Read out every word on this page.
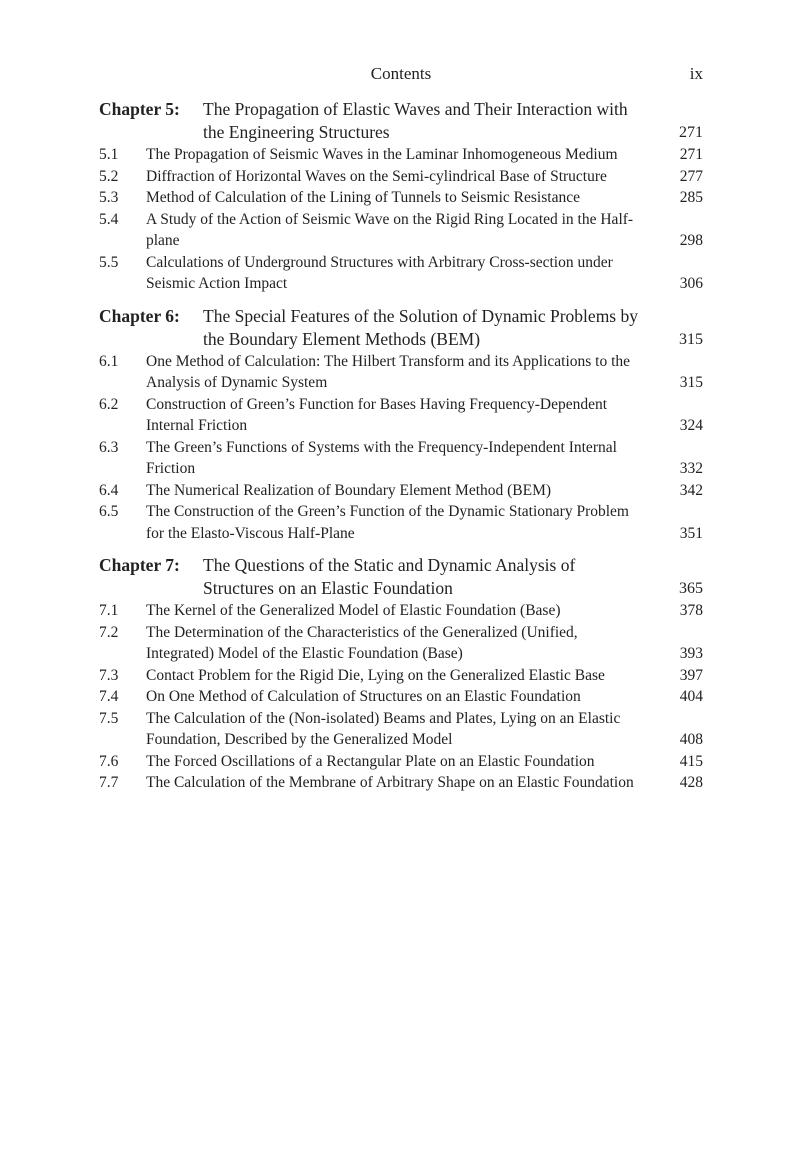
Contents	ix
Chapter 5: The Propagation of Elastic Waves and Their Interaction with the Engineering Structures	271
5.1 The Propagation of Seismic Waves in the Laminar Inhomogeneous Medium	271
5.2 Diffraction of Horizontal Waves on the Semi-cylindrical Base of Structure	277
5.3 Method of Calculation of the Lining of Tunnels to Seismic Resistance	285
5.4 A Study of the Action of Seismic Wave on the Rigid Ring Located in the Half-plane	298
5.5 Calculations of Underground Structures with Arbitrary Cross-section under Seismic Action Impact	306
Chapter 6: The Special Features of the Solution of Dynamic Problems by the Boundary Element Methods (BEM)	315
6.1 One Method of Calculation: The Hilbert Transform and its Applications to the Analysis of Dynamic System	315
6.2 Construction of Green’s Function for Bases Having Frequency-Dependent Internal Friction	324
6.3 The Green’s Functions of Systems with the Frequency-Independent Internal Friction	332
6.4 The Numerical Realization of Boundary Element Method (BEM)	342
6.5 The Construction of the Green’s Function of the Dynamic Stationary Problem for the Elasto-Viscous Half-Plane	351
Chapter 7: The Questions of the Static and Dynamic Analysis of Structures on an Elastic Foundation	365
7.1 The Kernel of the Generalized Model of Elastic Foundation (Base)	378
7.2 The Determination of the Characteristics of the Generalized (Unified, Integrated) Model of the Elastic Foundation (Base)	393
7.3 Contact Problem for the Rigid Die, Lying on the Generalized Elastic Base	397
7.4 On One Method of Calculation of Structures on an Elastic Foundation	404
7.5 The Calculation of the (Non-isolated) Beams and Plates, Lying on an Elastic Foundation, Described by the Generalized Model	408
7.6 The Forced Oscillations of a Rectangular Plate on an Elastic Foundation	415
7.7 The Calculation of the Membrane of Arbitrary Shape on an Elastic Foundation	428
